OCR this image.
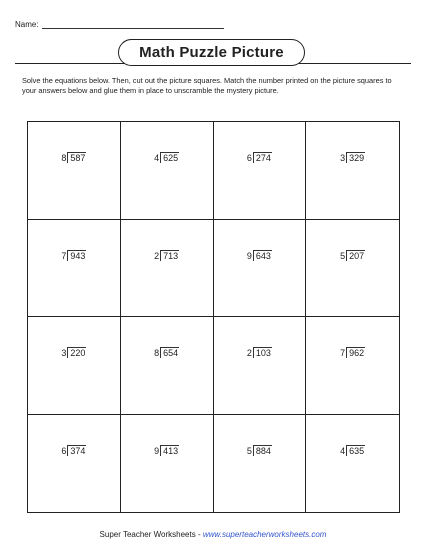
Name:
Math Puzzle Picture
Solve the equations below. Then, cut out the picture squares. Match the number printed on the picture squares to your answers below and glue them in place to unscramble the mystery picture.
8 587	4 625	6 274	3 329
7 943	2 713	9 643	5 207
3 220	8 654	2 103	7 962
6 374	9 413	5 884	4 635
Super Teacher Worksheets - www.superteacherworksheets.com
